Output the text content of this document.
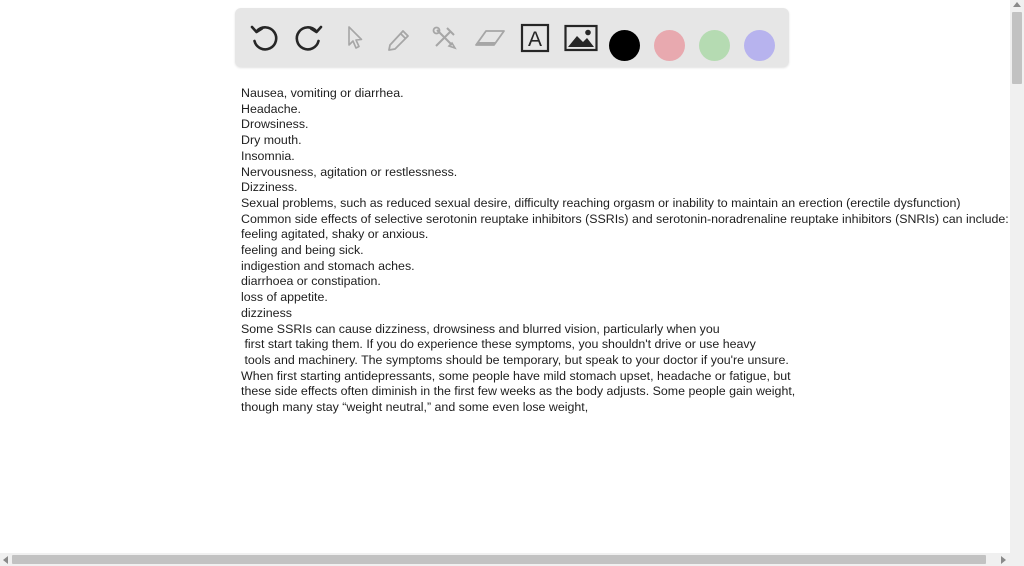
A
Nausea, vomiting or diarrhea.
Headache.
Drowsiness.
Dry mouth.
Insomnia.
Nervousness, agitation or restlessness.
Dizziness.
Sexual problems, such as reduced sexual desire, difficulty reaching orgasm or inability to maintain an erection (erectile dysfunction)
Common side effects of selective serotonin reuptake inhibitors (SSRIs) and serotonin-noradrenaline reuptake inhibitors (SNRIs) can include:
feeling agitated, shaky or anxious.
feeling and being sick.
indigestion and stomach aches.
diarrhoea or constipation.
loss of appetite.
dizziness
Some SSRIs can cause dizziness, drowsiness and blurred vision, particularly when you
first start taking them. If you do experience these symptoms, you shouldn't drive or use heavy
tools and machinery. The symptoms should be temporary, but speak to your doctor if you're unsure.
When first starting antidepressants, some people have mild stomach upset, headache or fatigue, but
these side effects often diminish in the first few weeks as the body adjusts. Some people gain weight,
though many stay “weight neutral,” and some even lose weight,
